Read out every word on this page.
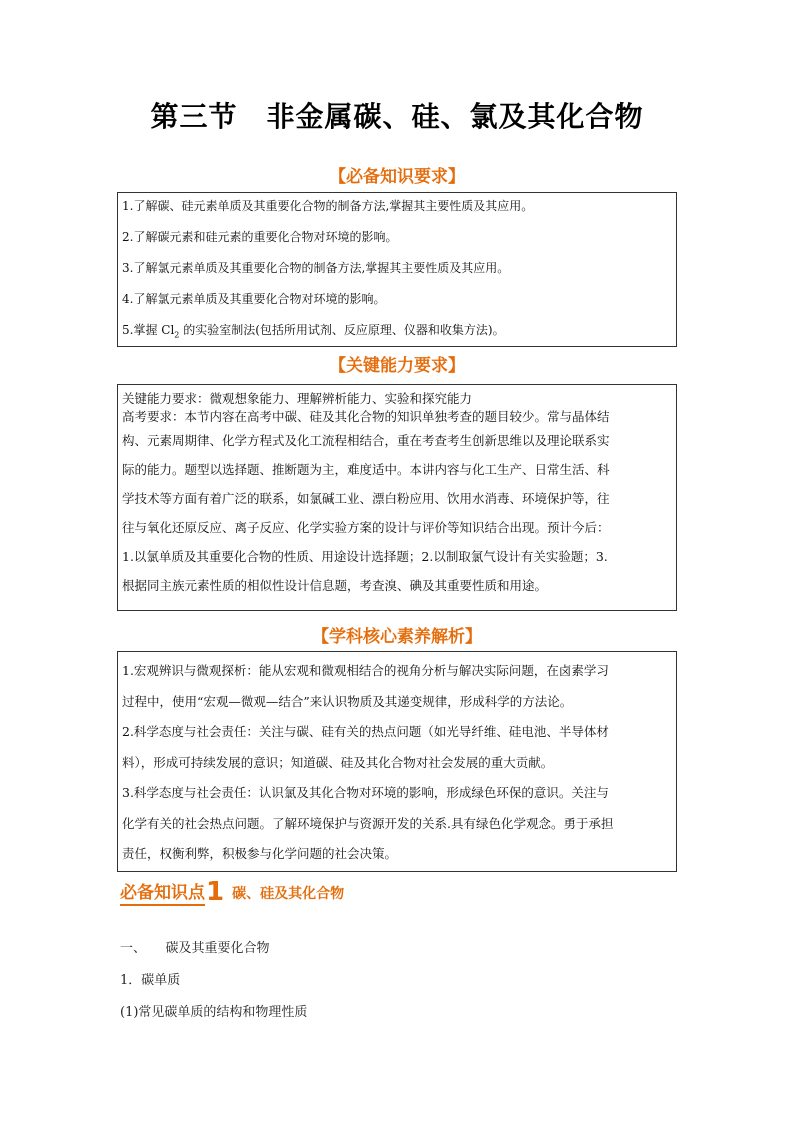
第三节　非金属碳、硅、氯及其化合物
【必备知识要求】
1.了解碳、硅元素单质及其重要化合物的制备方法,掌握其主要性质及其应用。
2.了解碳元素和硅元素的重要化合物对环境的影响。
3.了解氯元素单质及其重要化合物的制备方法,掌握其主要性质及其应用。
4.了解氯元素单质及其重要化合物对环境的影响。
5.掌握 $Cl_2$ 的实验室制法(包括所用试剂、反应原理、仪器和收集方法)。
【关键能力要求】
关键能力要求：微观想象能力、理解辨析能力、实验和探究能力
高考要求：本节内容在高考中碳、硅及其化合物的知识单独考查的题目较少。常与晶体结
构、元素周期律、化学方程式及化工流程相结合，重在考查考生创新思维以及理论联系实
际的能力。题型以选择题、推断题为主，难度适中。本讲内容与化工生产、日常生活、科
学技术等方面有着广泛的联系，如氯碱工业、漂白粉应用、饮用水消毒、环境保护等，往
往与氧化还原反应、离子反应、化学实验方案的设计与评价等知识结合出现。预计今后：
1.以氯单质及其重要化合物的性质、用途设计选择题；2.以制取氯气设计有关实验题；3.
根据同主族元素性质的相似性设计信息题，考查溴、碘及其重要性质和用途。
【学科核心素养解析】
1.宏观辨识与微观探析：能从宏观和微观相结合的视角分析与解决实际问题，在卤素学习
过程中，使用“宏观—微观—结合”来认识物质及其递变规律，形成科学的方法论。
2.科学态度与社会责任：关注与碳、硅有关的热点问题（如光导纤维、硅电池、半导体材
料），形成可持续发展的意识；知道碳、硅及其化合物对社会发展的重大贡献。
3.科学态度与社会责任：认识氯及其化合物对环境的影响，形成绿色环保的意识。关注与
化学有关的社会热点问题。了解环境保护与资源开发的关系.具有绿色化学观念。勇于承担
责任，权衡利弊，积极参与化学问题的社会决策。
必备知识点1 碳、硅及其化合物
一、　　碳及其重要化合物
1．碳单质
(1)常见碳单质的结构和物理性质
